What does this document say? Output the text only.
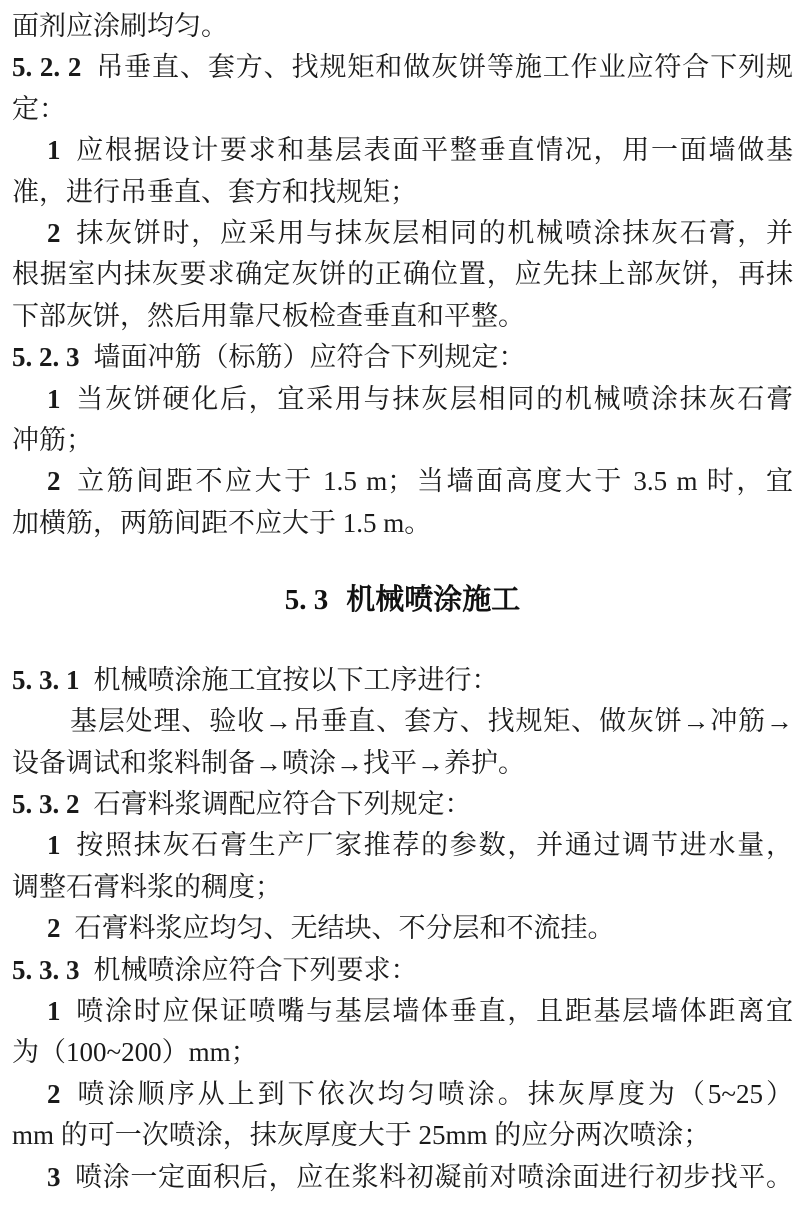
面剂应涂刷均匀。
5. 2. 2 吊垂直、套方、找规矩和做灰饼等施工作业应符合下列规
定：
1 应根据设计要求和基层表面平整垂直情况，用一面墙做基
准，进行吊垂直、套方和找规矩；
2 抹灰饼时，应采用与抹灰层相同的机械喷涂抹灰石膏，并
根据室内抹灰要求确定灰饼的正确位置，应先抹上部灰饼，再抹
下部灰饼，然后用靠尺板检查垂直和平整。
5. 2. 3 墙面冲筋（标筋）应符合下列规定：
1 当灰饼硬化后，宜采用与抹灰层相同的机械喷涂抹灰石膏
冲筋；
2 立筋间距不应大于 1.5 m；当墙面高度大于 3.5 m 时，宜
加横筋，两筋间距不应大于 1.5 m。
5. 3 机械喷涂施工
5. 3. 1 机械喷涂施工宜按以下工序进行：
基层处理、验收→吊垂直、套方、找规矩、做灰饼→冲筋→
设备调试和浆料制备→喷涂→找平→养护。
5. 3. 2 石膏料浆调配应符合下列规定：
1 按照抹灰石膏生产厂家推荐的参数，并通过调节进水量，
调整石膏料浆的稠度；
2 石膏料浆应均匀、无结块、不分层和不流挂。
5. 3. 3 机械喷涂应符合下列要求：
1 喷涂时应保证喷嘴与基层墙体垂直，且距基层墙体距离宜
为（100~200）mm；
2 喷涂顺序从上到下依次均匀喷涂。抹灰厚度为（5~25）
mm 的可一次喷涂，抹灰厚度大于 25mm 的应分两次喷涂；
3 喷涂一定面积后，应在浆料初凝前对喷涂面进行初步找平。
